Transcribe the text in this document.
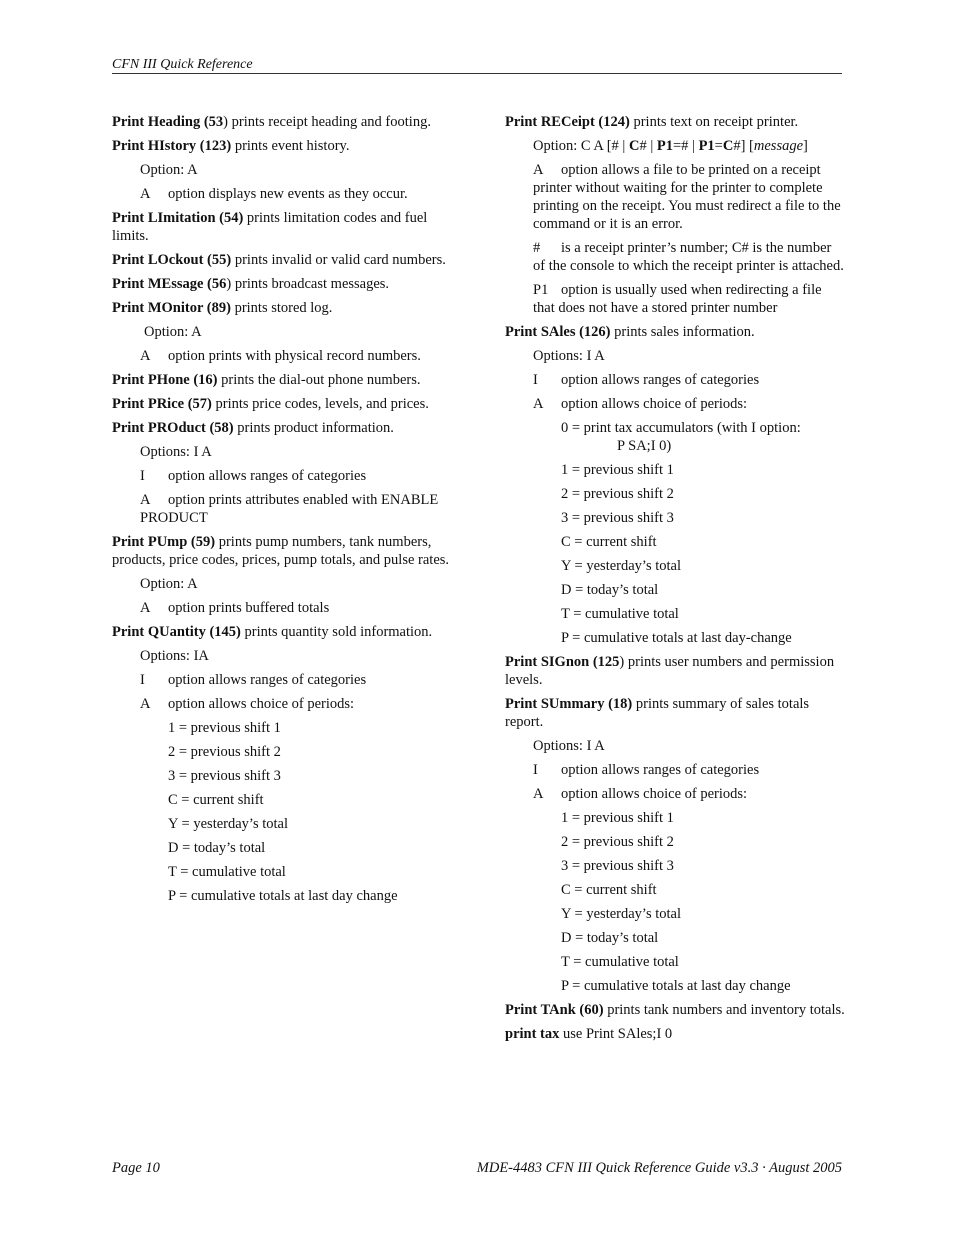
CFN III Quick Reference
Print Heading (53) prints receipt heading and footing.
Print HIstory (123) prints event history.
Option: A
A option displays new events as they occur.
Print LImitation (54) prints limitation codes and fuel limits.
Print LOckout (55) prints invalid or valid card numbers.
Print MEssage (56) prints broadcast messages.
Print MOnitor (89) prints stored log.
Option: A
A option prints with physical record numbers.
Print PHone (16) prints the dial-out phone numbers.
Print PRice (57) prints price codes, levels, and prices.
Print PROduct (58) prints product information.
Options: I A
I option allows ranges of categories
A option prints attributes enabled with ENABLE PRODUCT
Print PUmp (59) prints pump numbers, tank numbers, products, price codes, prices, pump totals, and pulse rates.
Option: A
A option prints buffered totals
Print QUantity (145) prints quantity sold information.
Options: IA
I option allows ranges of categories
A option allows choice of periods:
1 = previous shift 1
2 = previous shift 2
3 = previous shift 3
C = current shift
Y = yesterday’s total
D = today’s total
T = cumulative total
P = cumulative totals at last day change
Print RECeipt (124) prints text on receipt printer.
Option: C A [# | C# | P1=# | P1=C#] [message]
A option allows a file to be printed on a receipt printer without waiting for the printer to complete printing on the receipt. You must redirect a file to the command or it is an error.
# is a receipt printer’s number; C# is the number of the console to which the receipt printer is attached.
P1 option is usually used when redirecting a file that does not have a stored printer number
Print SAles (126) prints sales information.
Options: I A
I option allows ranges of categories
A option allows choice of periods:
0 = print tax accumulators (with I option:
P SA;I 0)
1 = previous shift 1
2 = previous shift 2
3 = previous shift 3
C = current shift
Y = yesterday’s total
D = today’s total
T = cumulative total
P = cumulative totals at last day-change
Print SIGnon (125) prints user numbers and permission levels.
Print SUmmary (18) prints summary of sales totals report.
Options: I A
I option allows ranges of categories
A option allows choice of periods:
1 = previous shift 1
2 = previous shift 2
3 = previous shift 3
C = current shift
Y = yesterday’s total
D = today’s total
T = cumulative total
P = cumulative totals at last day change
Print TAnk (60) prints tank numbers and inventory totals.
print tax use Print SAles;I 0
Page 10	MDE-4483 CFN III Quick Reference Guide v3.3 · August 2005
